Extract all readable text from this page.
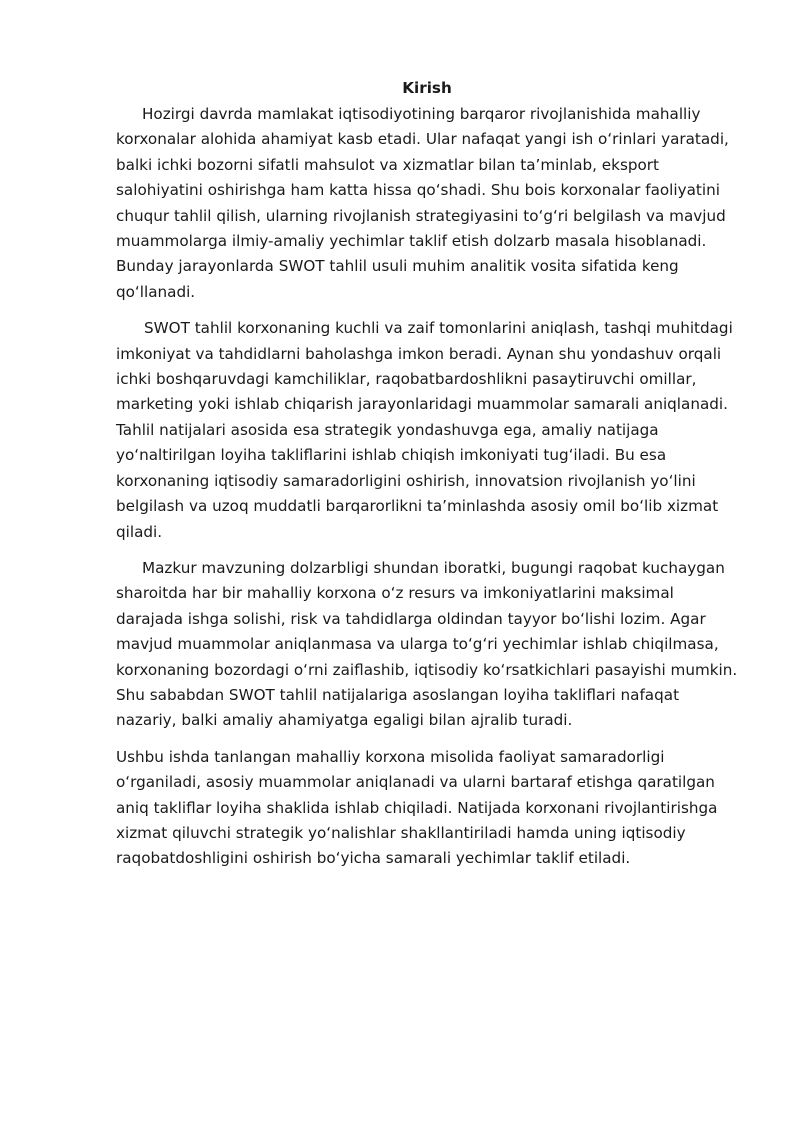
Kirish

Hozirgi davrda mamlakat iqtisodiyotining barqaror rivojlanishida mahalliy korxonalar alohida ahamiyat kasb etadi. Ular nafaqat yangi ish oʻrinlari yaratadi, balki ichki bozorni sifatli mahsulot va xizmatlar bilan taʼminlab, eksport salohiyatini oshirishga ham katta hissa qoʻshadi. Shu bois korxonalar faoliyatini chuqur tahlil qilish, ularning rivojlanish strategiyasini toʻgʻri belgilash va mavjud muammolarga ilmiy-amaliy yechimlar taklif etish dolzarb masala hisoblanadi. Bunday jarayonlarda SWOT tahlil usuli muhim analitik vosita sifatida keng qoʻllanadi.

SWOT tahlil korxonaning kuchli va zaif tomonlarini aniqlash, tashqi muhitdagi imkoniyat va tahdidlarni baholashga imkon beradi. Aynan shu yondashuv orqali ichki boshqaruvdagi kamchiliklar, raqobatbardoshlikni pasaytiruvchi omillar, marketing yoki ishlab chiqarish jarayonlaridagi muammolar samarali aniqlanadi. Tahlil natijalari asosida esa strategik yondashuvga ega, amaliy natijaga yoʻnaltirilgan loyiha takliflarini ishlab chiqish imkoniyati tugʻiladi. Bu esa korxonaning iqtisodiy samaradorligini oshirish, innovatsion rivojlanish yoʻlini belgilash va uzoq muddatli barqarorlikni taʼminlashda asosiy omil boʻlib xizmat qiladi.

Mazkur mavzuning dolzarbligi shundan iboratki, bugungi raqobat kuchaygan sharoitda har bir mahalliy korxona oʻz resurs va imkoniyatlarini maksimal darajada ishga solishi, risk va tahdidlarga oldindan tayyor boʻlishi lozim. Agar mavjud muammolar aniqlanmasa va ularga toʻgʻri yechimlar ishlab chiqilmasa, korxonaning bozordagi oʻrni zaiflashib, iqtisodiy koʻrsatkichlari pasayishi mumkin. Shu sababdan SWOT tahlil natijalariga asoslangan loyiha takliflari nafaqat nazariy, balki amaliy ahamiyatga egaligi bilan ajralib turadi.

Ushbu ishda tanlangan mahalliy korxona misolida faoliyat samaradorligi oʻrganiladi, asosiy muammolar aniqlanadi va ularni bartaraf etishga qaratilgan aniq takliflar loyiha shaklida ishlab chiqiladi. Natijada korxonani rivojlantirishga xizmat qiluvchi strategik yoʻnalishlar shakllantiriladi hamda uning iqtisodiy raqobatdoshligini oshirish boʻyicha samarali yechimlar taklif etiladi.
